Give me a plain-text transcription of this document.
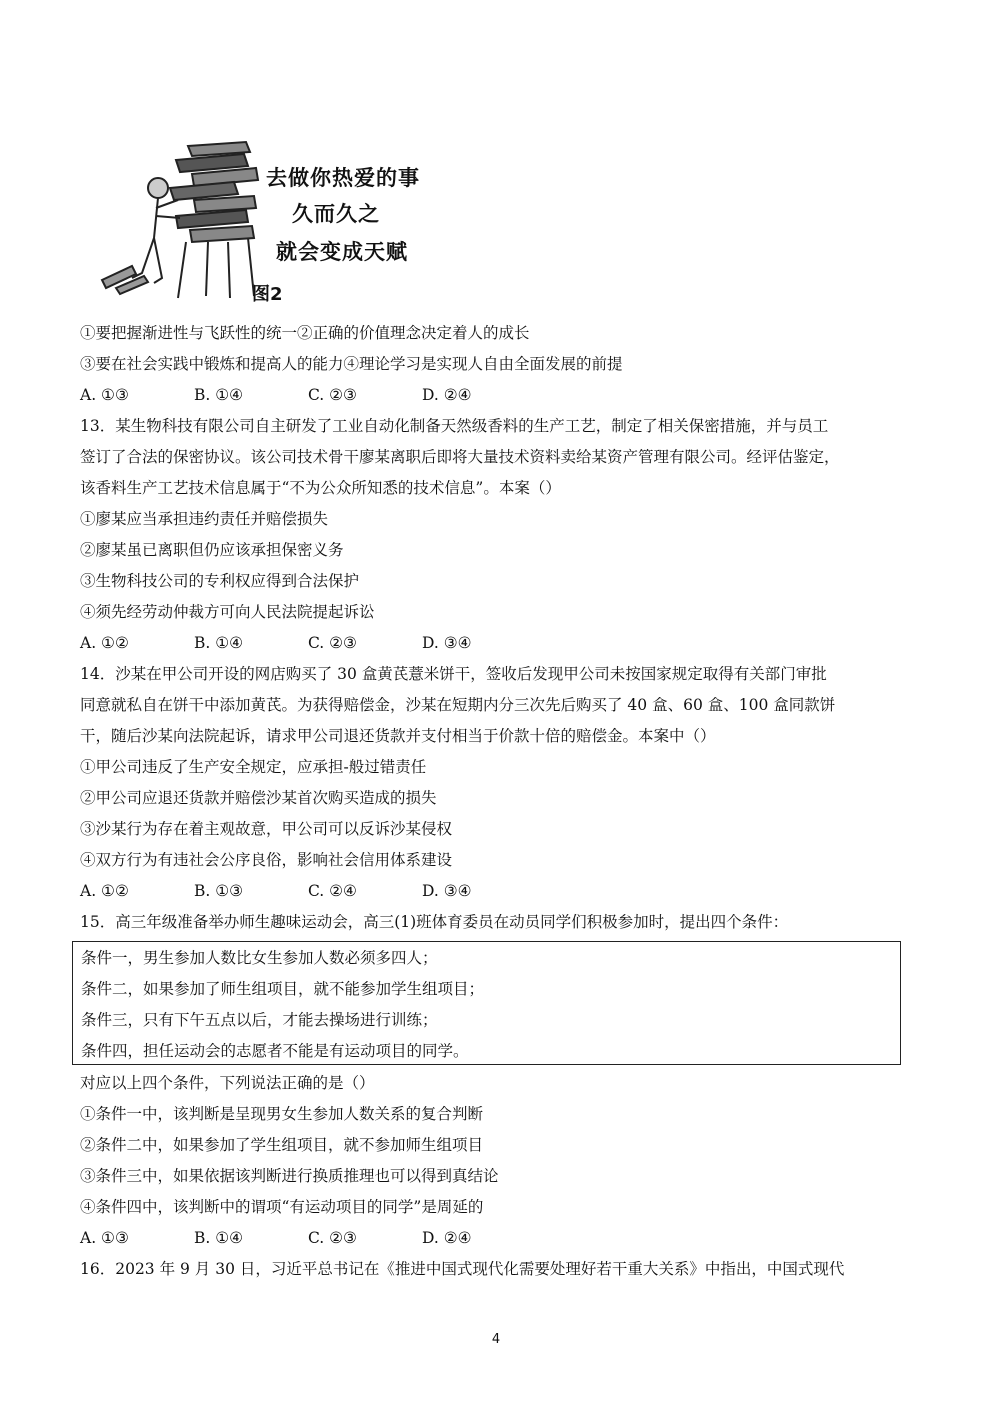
去做你热爱的事
久而久之
就会变成天赋
图2
①要把握渐进性与飞跃性的统一②正确的价值理念决定着人的成长
③要在社会实践中锻炼和提高人的能力④理论学习是实现人自由全面发展的前提
A. ①③	B. ①④	C. ②③	D. ②④
13．某生物科技有限公司自主研发了工业自动化制备天然级香料的生产工艺，制定了相关保密措施，并与员工
签订了合法的保密协议。该公司技术骨干廖某离职后即将大量技术资料卖给某资产管理有限公司。经评估鉴定，
该香料生产工艺技术信息属于“不为公众所知悉的技术信息”。本案（）
①廖某应当承担违约责任并赔偿损失
②廖某虽已离职但仍应该承担保密义务
③生物科技公司的专利权应得到合法保护
④须先经劳动仲裁方可向人民法院提起诉讼
A. ①②	B. ①④	C. ②③	D. ③④
14．沙某在甲公司开设的网店购买了 30 盒黄芪薏米饼干，签收后发现甲公司未按国家规定取得有关部门审批
同意就私自在饼干中添加黄芪。为获得赔偿金，沙某在短期内分三次先后购买了 40 盒、60 盒、100 盒同款饼
干，随后沙某向法院起诉，请求甲公司退还货款并支付相当于价款十倍的赔偿金。本案中（）
①甲公司违反了生产安全规定，应承担-般过错责任
②甲公司应退还货款并赔偿沙某首次购买造成的损失
③沙某行为存在着主观故意，甲公司可以反诉沙某侵权
④双方行为有违社会公序良俗，影响社会信用体系建设
A. ①②	B. ①③	C. ②④	D. ③④
15．高三年级准备举办师生趣味运动会，高三(1)班体育委员在动员同学们积极参加时，提出四个条件：
条件一，男生参加人数比女生参加人数必须多四人；
条件二，如果参加了师生组项目，就不能参加学生组项目；
条件三，只有下午五点以后，才能去操场进行训练；
条件四，担任运动会的志愿者不能是有运动项目的同学。
对应以上四个条件，下列说法正确的是（）
①条件一中，该判断是呈现男女生参加人数关系的复合判断
②条件二中，如果参加了学生组项目，就不参加师生组项目
③条件三中，如果依据该判断进行换质推理也可以得到真结论
④条件四中，该判断中的谓项“有运动项目的同学”是周延的
A. ①③	B. ①④	C. ②③	D. ②④
16．2023 年 9 月 30 日，习近平总书记在《推进中国式现代化需要处理好若干重大关系》中指出，中国式现代
4
